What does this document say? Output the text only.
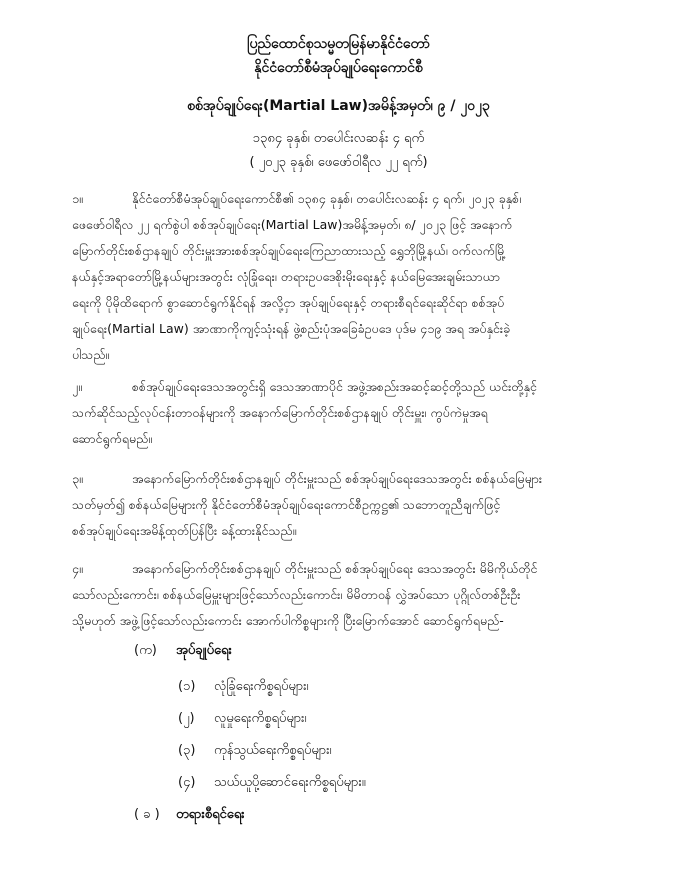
ပြည်ထောင်စုသမ္မတမြန်မာနိုင်ငံတော်
နိုင်ငံတော်စီမံအုပ်ချုပ်ရေးကောင်စီ
စစ်အုပ်ချုပ်ရေး(Martial Law)အမိန့်အမှတ်၊ ၉ / ၂၀၂၃
၁၃၈၄ ခုနှစ်၊ တပေါင်းလဆန်း ၄ ရက်
( ၂၀၂၃ ခုနှစ်၊ ဖေဖော်ဝါရီလ ၂၂ ရက်)
၁။	နိုင်ငံတော်စီမံအုပ်ချုပ်ရေးကောင်စီ၏ ၁၃၈၄ ခုနှစ်၊ တပေါင်းလဆန်း ၄ ရက်၊ ၂၀၂၃ ခုနှစ်၊
ဖေဖော်ဝါရီလ ၂၂ ရက်စွဲပါ စစ်အုပ်ချုပ်ရေး(Martial Law)အမိန့်အမှတ်၊ ၈/ ၂၀၂၃ ဖြင့် အနောက်
မြောက်တိုင်းစစ်ဌာနချုပ် တိုင်းမှူးအားစစ်အုပ်ချုပ်ရေးကြေညာထားသည့် ရွှေဘိုမြို့နယ်၊ ဝက်လက်မြို့
နယ်နှင့်အရာတော်မြို့နယ်များအတွင်း လုံခြုံရေး၊ တရားဥပဒေစိုးမိုးရေးနှင့် နယ်မြေအေးချမ်းသာယာ
ရေးကို ပိုမိုထိရောက် စွာဆောင်ရွက်နိုင်ရန် အလို့ငှာ အုပ်ချုပ်ရေးနှင့် တရားစီရင်ရေးဆိုင်ရာ စစ်အုပ်
ချုပ်ရေး(Martial Law) အာဏာကိုကျင့်သုံးရန် ဖွဲ့စည်းပုံအခြေခံဥပဒေ ပုဒ်မ ၄၁၉ အရ အပ်နှင်းခဲ့
ပါသည်။
၂။	စစ်အုပ်ချုပ်ရေးဒေသအတွင်းရှိ ဒေသအာဏာပိုင် အဖွဲ့အစည်းအဆင့်ဆင့်တို့သည် ယင်းတို့နှင့်
သက်ဆိုင်သည့်လုပ်ငန်းတာဝန်များကို အနောက်မြောက်တိုင်းစစ်ဌာနချုပ် တိုင်းမှူး၊ ကွပ်ကဲမှုအရ
ဆောင်ရွက်ရမည်။
၃။	အနောက်မြောက်တိုင်းစစ်ဌာနချုပ် တိုင်းမှူးသည် စစ်အုပ်ချုပ်ရေးဒေသအတွင်း စစ်နယ်မြေများ
သတ်မှတ်၍ စစ်နယ်မြေများကို နိုင်ငံတော်စီမံအုပ်ချုပ်ရေးကောင်စီဥက္ကဋ္ဌ၏ သဘောတူညီချက်ဖြင့်
စစ်အုပ်ချုပ်ရေးအမိန့်ထုတ်ပြန်ပြီး ခန့်ထားနိုင်သည်။
၄။	အနောက်မြောက်တိုင်းစစ်ဌာနချုပ် တိုင်းမှူးသည် စစ်အုပ်ချုပ်ရေး ဒေသအတွင်း မိမိကိုယ်တိုင်
သော်လည်းကောင်း၊ စစ်နယ်မြေမှူးများဖြင့်သော်လည်းကောင်း၊ မိမိတာဝန် လွှဲအပ်သော ပုဂ္ဂိုလ်တစ်ဦးဦး
သို့မဟုတ် အဖွဲ့ဖြင့်သော်လည်းကောင်း အောက်ပါကိစ္စများကို ပြီးမြောက်အောင် ဆောင်ရွက်ရမည်-
(က) အုပ်ချုပ်ရေး
(၁) လုံခြုံရေးကိစ္စရပ်များ၊
(၂) လူမှုရေးကိစ္စရပ်များ၊
(၃) ကုန်သွယ်ရေးကိစ္စရပ်များ၊
(၄) သယ်ယူပို့ဆောင်ရေးကိစ္စရပ်များ။
( ခ ) တရားစီရင်ရေး
